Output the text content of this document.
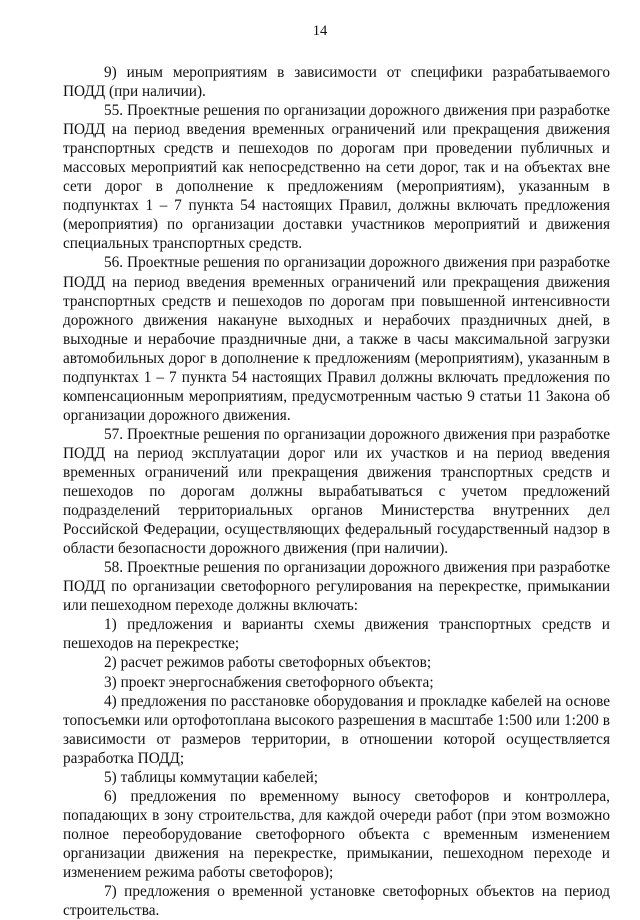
14

9) иным мероприятиям в зависимости от специфики разрабатываемого ПОДД (при наличии).

55. Проектные решения по организации дорожного движения при разработке ПОДД на период введения временных ограничений или прекращения движения транспортных средств и пешеходов по дорогам при проведении публичных и массовых мероприятий как непосредственно на сети дорог, так и на объектах вне сети дорог в дополнение к предложениям (мероприятиям), указанным в подпунктах 1 – 7 пункта 54 настоящих Правил, должны включать предложения (мероприятия) по организации доставки участников мероприятий и движения специальных транспортных средств.

56. Проектные решения по организации дорожного движения при разработке ПОДД на период введения временных ограничений или прекращения движения транспортных средств и пешеходов по дорогам при повышенной интенсивности дорожного движения накануне выходных и нерабочих праздничных дней, в выходные и нерабочие праздничные дни, а также в часы максимальной загрузки автомобильных дорог в дополнение к предложениям (мероприятиям), указанным в подпунктах 1 – 7 пункта 54 настоящих Правил должны включать предложения по компенсационным мероприятиям, предусмотренным частью 9 статьи 11 Закона об организации дорожного движения.

57. Проектные решения по организации дорожного движения при разработке ПОДД на период эксплуатации дорог или их участков и на период введения временных ограничений или прекращения движения транспортных средств и пешеходов по дорогам должны вырабатываться с учетом предложений подразделений территориальных органов Министерства внутренних дел Российской Федерации, осуществляющих федеральный государственный надзор в области безопасности дорожного движения (при наличии).

58. Проектные решения по организации дорожного движения при разработке ПОДД по организации светофорного регулирования на перекрестке, примыкании или пешеходном переходе должны включать:

1) предложения и варианты схемы движения транспортных средств и пешеходов на перекрестке;

2) расчет режимов работы светофорных объектов;

3) проект энергоснабжения светофорного объекта;

4) предложения по расстановке оборудования и прокладке кабелей на основе топосъемки или ортофотоплана высокого разрешения в масштабе 1:500 или 1:200 в зависимости от размеров территории, в отношении которой осуществляется разработка ПОДД;

5) таблицы коммутации кабелей;

6) предложения по временному выносу светофоров и контроллера, попадающих в зону строительства, для каждой очереди работ (при этом возможно полное переоборудование светофорного объекта с временным изменением организации движения на перекрестке, примыкании, пешеходном переходе и изменением режима работы светофоров);

7) предложения о временной установке светофорных объектов на период строительства.
